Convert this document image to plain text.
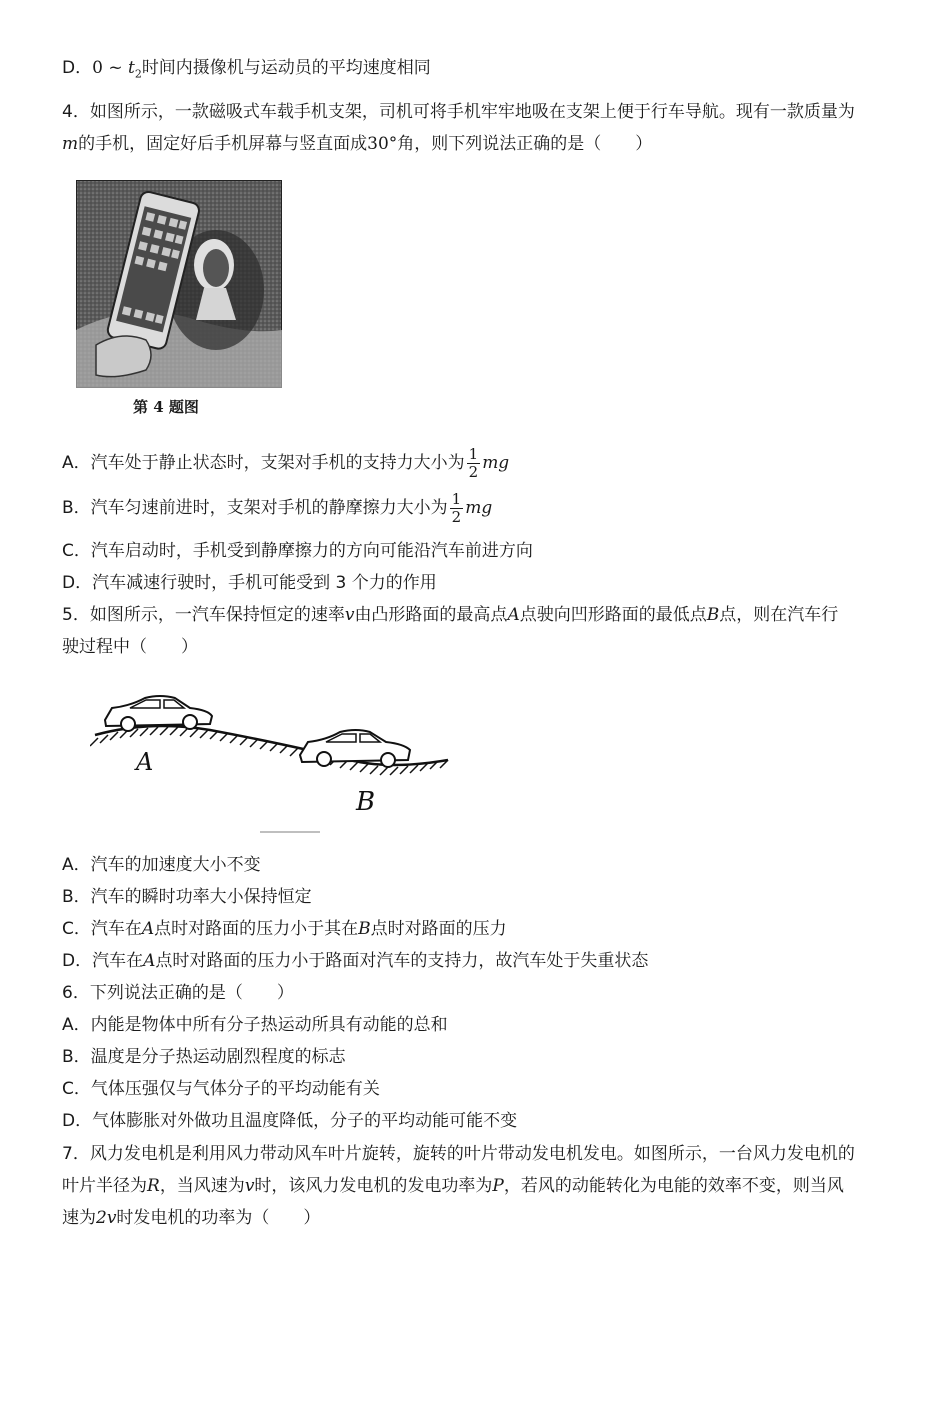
D．0 ~ $t_2$时间内摄像机与运动员的平均速度相同
4．如图所示，一款磁吸式车载手机支架，司机可将手机牢牢地吸在支架上便于行车导航。现有一款质量为
m的手机，固定好后手机屏幕与竖直面成30°角，则下列说法正确的是（　　）
第 4 题图
A．汽车处于静止状态时，支架对手机的支持力大小为 $\frac{1}{2}$ mg
B．汽车匀速前进时，支架对手机的静摩擦力大小为 $\frac{1}{2}$ mg
C．汽车启动时，手机受到静摩擦力的方向可能沿汽车前进方向
D．汽车减速行驶时，手机可能受到 3 个力的作用
5．如图所示，一汽车保持恒定的速率v由凸形路面的最高点A点驶向凹形路面的最低点B点，则在汽车行
驶过程中（　　）
A
B
A．汽车的加速度大小不变
B．汽车的瞬时功率大小保持恒定
C．汽车在A点时对路面的压力小于其在B点时对路面的压力
D．汽车在A点时对路面的压力小于路面对汽车的支持力，故汽车处于失重状态
6．下列说法正确的是（　　）
A．内能是物体中所有分子热运动所具有动能的总和
B．温度是分子热运动剧烈程度的标志
C．气体压强仅与气体分子的平均动能有关
D．气体膨胀对外做功且温度降低，分子的平均动能可能不变
7．风力发电机是利用风力带动风车叶片旋转，旋转的叶片带动发电机发电。如图所示，一台风力发电机的
叶片半径为R，当风速为v时，该风力发电机的发电功率为P，若风的动能转化为电能的效率不变，则当风
速为2v时发电机的功率为（　　）
